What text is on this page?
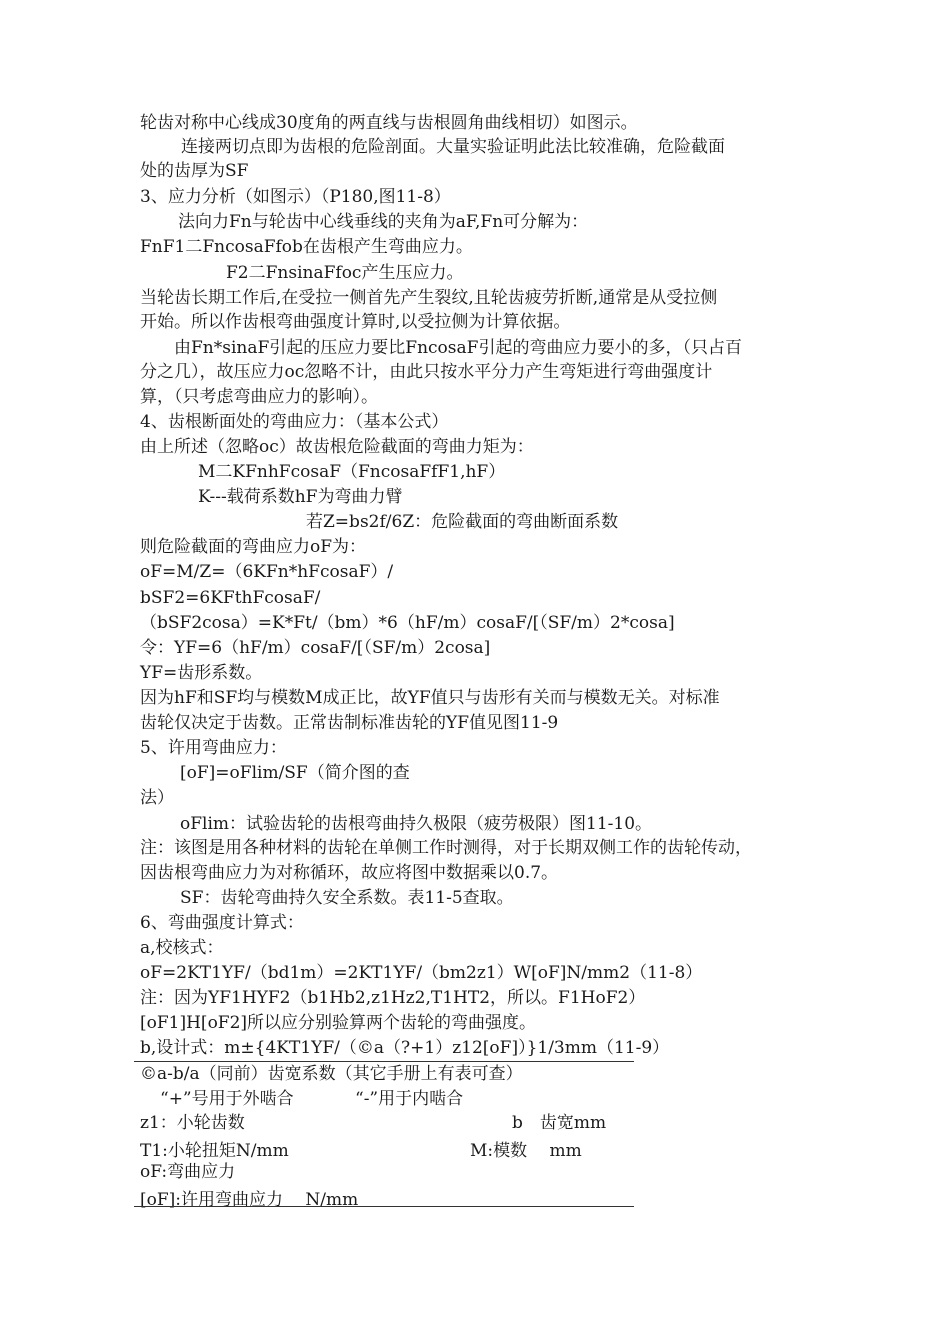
轮齿对称中心线成30度角的两直线与齿根圆角曲线相切）如图示。
连接两切点即为齿根的危险剖面。大量实验证明此法比较准确，危险截面
处的齿厚为SF
3、应力分析（如图示）（P180,图11-8）
法向力Fn与轮齿中心线垂线的夹角为aF,Fn可分解为：
FnF1二FncosaFfob在齿根产生弯曲应力。
F2二FnsinaFfoc产生压应力。
当轮齿长期工作后,在受拉一侧首先产生裂纹,且轮齿疲劳折断,通常是从受拉侧
开始。所以作齿根弯曲强度计算时,以受拉侧为计算依据。
由Fn*sinaF引起的压应力要比FncosaF引起的弯曲应力要小的多，（只占百
分之几），故压应力oc忽略不计，由此只按水平分力产生弯矩进行弯曲强度计
算，（只考虑弯曲应力的影响）。
4、齿根断面处的弯曲应力：（基本公式）
由上所述（忽略oc）故齿根危险截面的弯曲力矩为：
M二KFnhFcosaF（FncosaFfF1,hF）
K---载荷系数hF为弯曲力臂
若Z=bs2f/6Z：危险截面的弯曲断面系数
则危险截面的弯曲应力oF为：
oF=M/Z=（6KFn*hFcosaF）/
bSF2=6KFthFcosaF/
（bSF2cosa）=K*Ft/（bm）*6（hF/m）cosaF/[（SF/m）2*cosa]
令：YF=6（hF/m）cosaF/[（SF/m）2cosa]
YF=齿形系数。
因为hF和SF均与模数M成正比，故YF值只与齿形有关而与模数无关。对标准
齿轮仅决定于齿数。正常齿制标准齿轮的YF值见图11-9
5、许用弯曲应力：
[oF]=oFlim/SF（简介图的查
法）
oFlim：试验齿轮的齿根弯曲持久极限（疲劳极限）图11-10。
注：该图是用各种材料的齿轮在单侧工作时测得，对于长期双侧工作的齿轮传动，
因齿根弯曲应力为对称循环，故应将图中数据乘以0.7。
SF：齿轮弯曲持久安全系数。表11-5查取。
6、弯曲强度计算式：
a,校核式：
oF=2KT1YF/（bd1m）=2KT1YF/（bm2z1）W[oF]N/mm2（11-8）
注：因为YF1HYF2（b1Hb2,z1Hz2,T1HT2，所以。F1HoF2）
[oF1]H[oF2]所以应分别验算两个齿轮的弯曲强度。
b,设计式：m±{4KT1YF/（©a（?+1）z12[oF]）}1/3mm（11-9）
©a-b/a（同前）齿宽系数（其它手册上有表可查）
“+”号用于外啮合	“-”用于内啮合
z1：小轮齿数	b　齿宽mm
T1:小轮扭矩N/mm	M:模数　 mm
oF:弯曲应力
[oF]:许用弯曲应力　 N/mm
